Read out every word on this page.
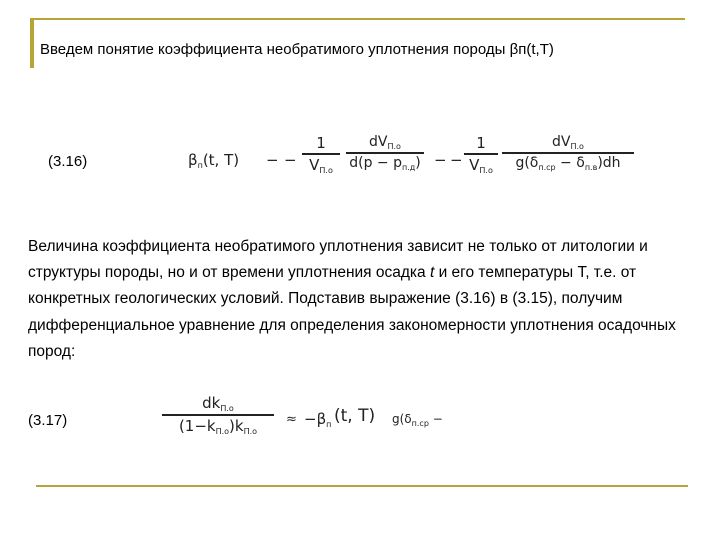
Введем понятие коэффициента необратимого уплотнения породы βп(t,T)
(3.16)	$\beta_п(t$, T) − −
1
$V_{П.о}$
$dV_{П.о}$
$d(p - p_{п.д})$ − −
1
$V_{П.о}$
$dV_{П.о}$
$g(\delta_{п.ср} - \delta_{п.в})dh$
Величина коэффициента необратимого уплотнения зависит не только от литологии и структуры породы, но и от времени уплотнения осадка t и его температуры Т, т.е. от конкретных геологических условий. Подставив выражение (3.16) в (3.15), получим дифференциальное уравнение для определения закономерности уплотнения осадочных пород:
(3.17)
$dk_{П.о}$
$(1-k_{П.о})k_{П.о}$
≈ $-\beta_п$ (t, T) $g(\delta_{п.ср}$ −
